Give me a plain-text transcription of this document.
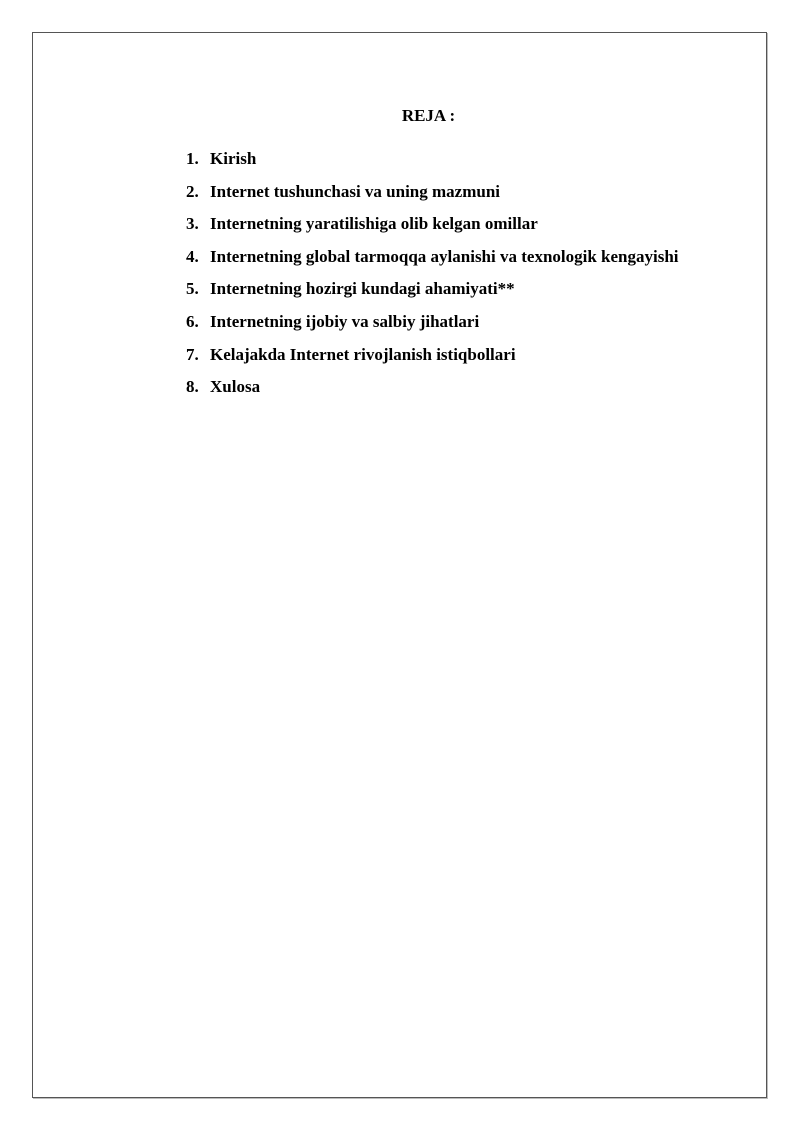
REJA :
1. Kirish
2. Internet tushunchasi va uning mazmuni
3. Internetning yaratilishiga olib kelgan omillar
4. Internetning global tarmoqqa aylanishi va texnologik kengayishi
5. Internetning hozirgi kundagi ahamiyati**
6. Internetning ijobiy va salbiy jihatlari
7. Kelajakda Internet rivojlanish istiqbollari
8. Xulosa
